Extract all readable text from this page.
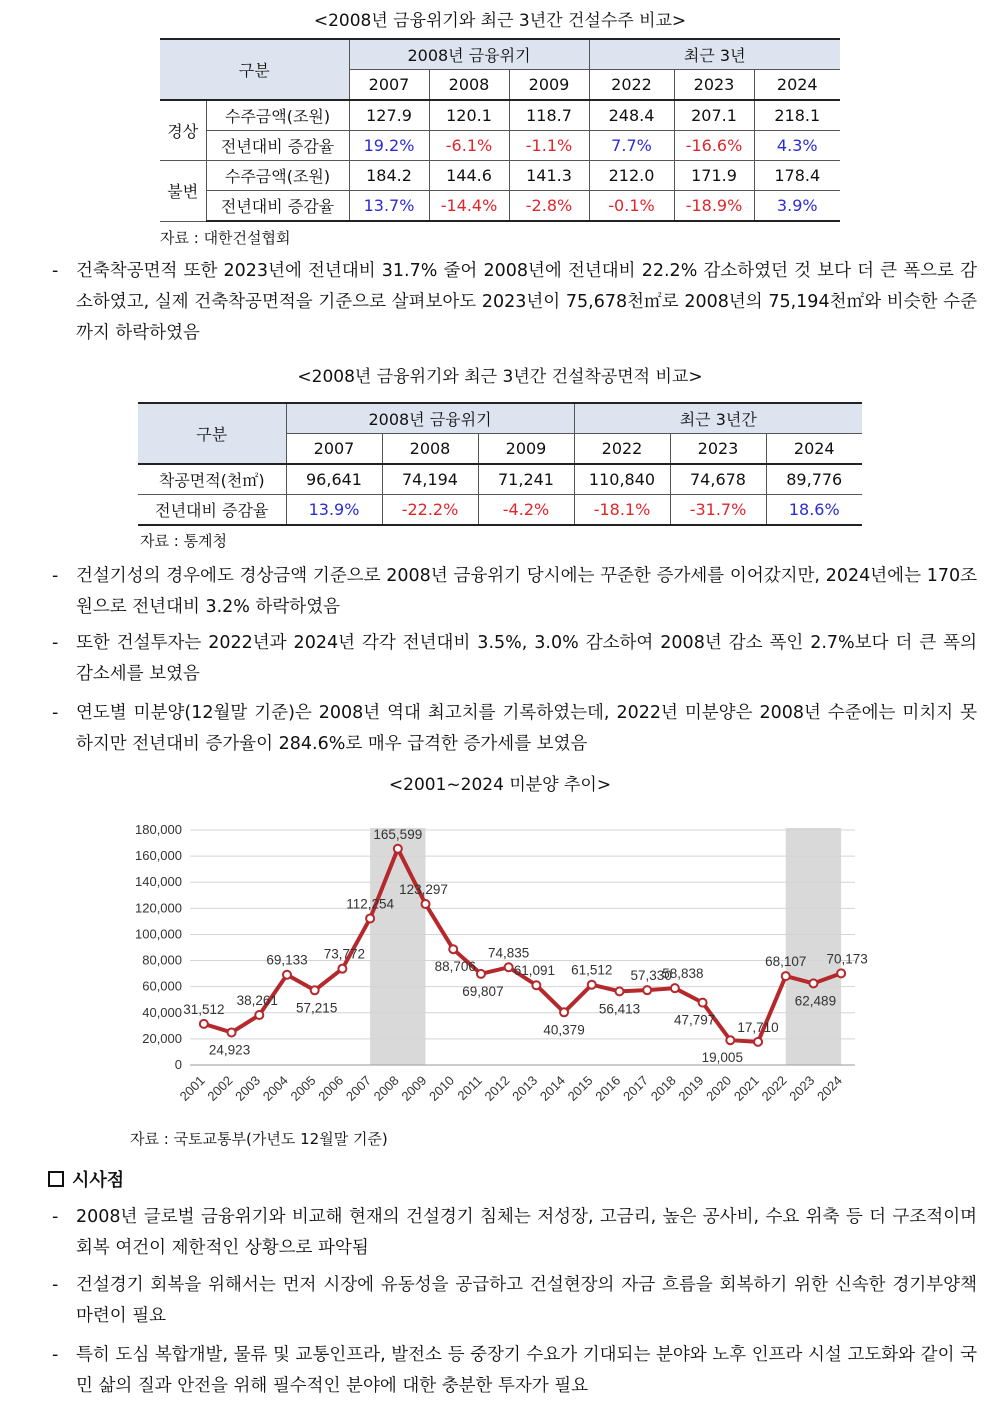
<2008년 금융위기와 최근 3년간 건설수주 비교>
구분		2008년 금융위기			최근 3년		
		2007	2008	2009	2022	2023	2024
경상	수주금액(조원)	127.9	120.1	118.7	248.4	207.1	218.1
	전년대비 증감율	19.2%	-6.1%	-1.1%	7.7%	-16.6%	4.3%
불변	수주금액(조원)	184.2	144.6	141.3	212.0	171.9	178.4
	전년대비 증감율	13.7%	-14.4%	-2.8%	-0.1%	-18.9%	3.9%
자료 : 대한건설협회
- 건축착공면적 또한 2023년에 전년대비 31.7% 줄어 2008년에 전년대비 22.2% 감소하였던 것 보다 더 큰 폭으로 감소하였고, 실제 건축착공면적을 기준으로 살펴보아도 2023년이 75,678천㎡로 2008년의 75,194천㎡와 비슷한 수준까지 하락하였음
<2008년 금융위기와 최근 3년간 건설착공면적 비교>
구분	2008년 금융위기			최근 3년간		
	2007	2008	2009	2022	2023	2024
착공면적(천㎡)	96,641	74,194	71,241	110,840	74,678	89,776
전년대비 증감율	13.9%	-22.2%	-4.2%	-18.1%	-31.7%	18.6%
자료 : 통계청
- 건설기성의 경우에도 경상금액 기준으로 2008년 금융위기 당시에는 꾸준한 증가세를 이어갔지만, 2024년에는 170조원으로 전년대비 3.2% 하락하였음
- 또한 건설투자는 2022년과 2024년 각각 전년대비 3.5%, 3.0% 감소하여 2008년 감소 폭인 2.7%보다 더 큰 폭의 감소세를 보였음
- 연도별 미분양(12월말 기준)은 2008년 역대 최고치를 기록하였는데, 2022년 미분양은 2008년 수준에는 미치지 못하지만 전년대비 증가율이 284.6%로 매우 급격한 증가세를 보였음
<2001~2024 미분양 추이>
0
20,000
40,000
60,000
80,000
100,000
120,000
140,000
160,000
180,000
2001
2002
2003
2004
2005
2006
2007
2008
2009
2010
2011
2012
2013
2014
2015
2016
2017
2018
2019
2020
2021
2022
2023
2024
31,512
24,923
38,261
69,133
57,215
73,772
112,254
165,599
123,297
88,706
69,807
74,835
61,091
40,379
61,512
56,413
57,330
58,838
47,797
19,005
17,710
68,107
62,489
70,173
자료 : 국토교통부(가년도 12월말 기준)
시사점
- 2008년 글로벌 금융위기와 비교해 현재의 건설경기 침체는 저성장, 고금리, 높은 공사비, 수요 위축 등 더 구조적이며 회복 여건이 제한적인 상황으로 파악됨
- 건설경기 회복을 위해서는 먼저 시장에 유동성을 공급하고 건설현장의 자금 흐름을 회복하기 위한 신속한 경기부양책 마련이 필요
- 특히 도심 복합개발, 물류 및 교통인프라, 발전소 등 중장기 수요가 기대되는 분야와 노후 인프라 시설 고도화와 같이 국민 삶의 질과 안전을 위해 필수적인 분야에 대한 충분한 투자가 필요
